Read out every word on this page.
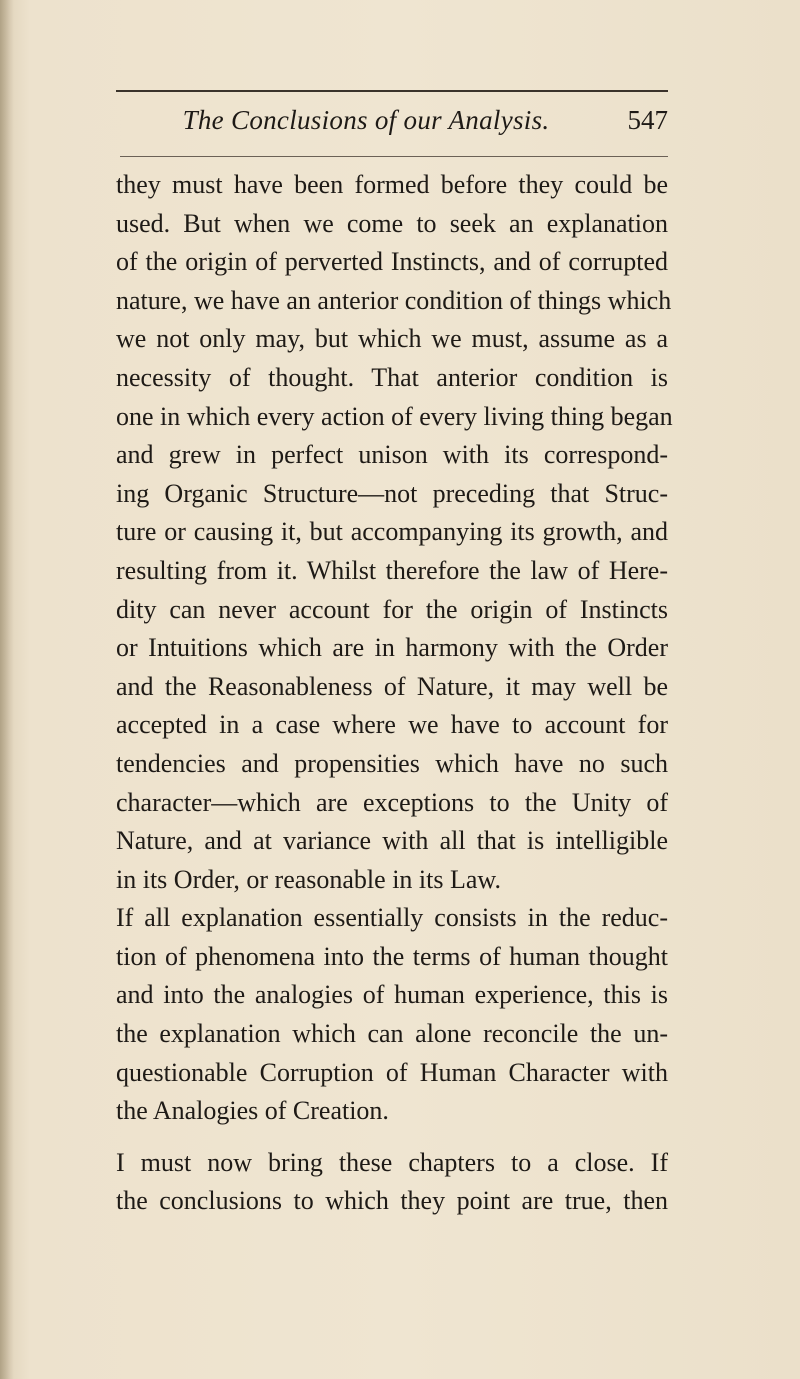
The Conclusions of our Analysis.	547
they must have been formed before they could be
used. But when we come to seek an explanation
of the origin of perverted Instincts, and of corrupted
nature, we have an anterior condition of things which
we not only may, but which we must, assume as a
necessity of thought. That anterior condition is
one in which every action of every living thing began
and grew in perfect unison with its correspond-
ing Organic Structure—not preceding that Struc-
ture or causing it, but accompanying its growth, and
resulting from it. Whilst therefore the law of Here-
dity can never account for the origin of Instincts
or Intuitions which are in harmony with the Order
and the Reasonableness of Nature, it may well be
accepted in a case where we have to account for
tendencies and propensities which have no such
character—which are exceptions to the Unity of
Nature, and at variance with all that is intelligible
in its Order, or reasonable in its Law.
If all explanation essentially consists in the reduc-
tion of phenomena into the terms of human thought
and into the analogies of human experience, this is
the explanation which can alone reconcile the un-
questionable Corruption of Human Character with
the Analogies of Creation.
I must now bring these chapters to a close. If
the conclusions to which they point are true, then
